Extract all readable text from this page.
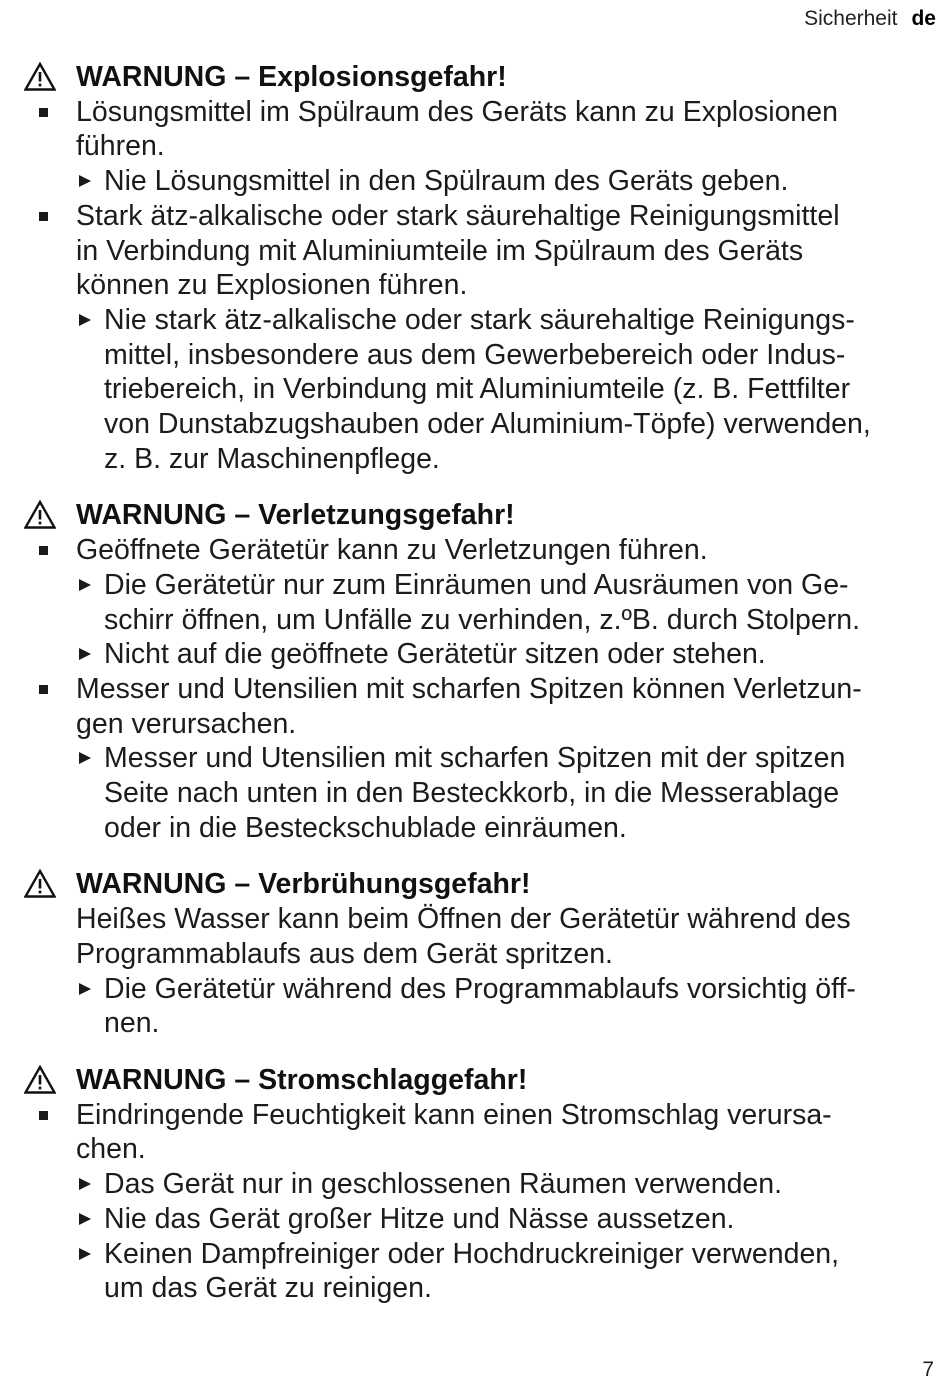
Sicherheit de
WARNUNG – Explosionsgefahr!
Lösungsmittel im Spülraum des Geräts kann zu Explosionen
führen.
Nie Lösungsmittel in den Spülraum des Geräts geben.
Stark ätz-alkalische oder stark säurehaltige Reinigungsmittel
in Verbindung mit Aluminiumteile im Spülraum des Geräts
können zu Explosionen führen.
Nie stark ätz-alkalische oder stark säurehaltige Reinigungs-
mittel, insbesondere aus dem Gewerbebereich oder Indus-
triebereich, in Verbindung mit Aluminiumteile (z. B. Fettfilter
von Dunstabzugshauben oder Aluminium-Töpfe) verwenden,
z. B. zur Maschinenpflege.
WARNUNG – Verletzungsgefahr!
Geöffnete Gerätetür kann zu Verletzungen führen.
Die Gerätetür nur zum Einräumen und Ausräumen von Ge-
schirr öffnen, um Unfälle zu verhinden, z.ºB. durch Stolpern.
Nicht auf die geöffnete Gerätetür sitzen oder stehen.
Messer und Utensilien mit scharfen Spitzen können Verletzun-
gen verursachen.
Messer und Utensilien mit scharfen Spitzen mit der spitzen
Seite nach unten in den Besteckkorb, in die Messerablage
oder in die Besteckschublade einräumen.
WARNUNG – Verbrühungsgefahr!
Heißes Wasser kann beim Öffnen der Gerätetür während des
Programmablaufs aus dem Gerät spritzen.
Die Gerätetür während des Programmablaufs vorsichtig öff-
nen.
WARNUNG – Stromschlaggefahr!
Eindringende Feuchtigkeit kann einen Stromschlag verursa-
chen.
Das Gerät nur in geschlossenen Räumen verwenden.
Nie das Gerät großer Hitze und Nässe aussetzen.
Keinen Dampfreiniger oder Hochdruckreiniger verwenden,
um das Gerät zu reinigen.
7
